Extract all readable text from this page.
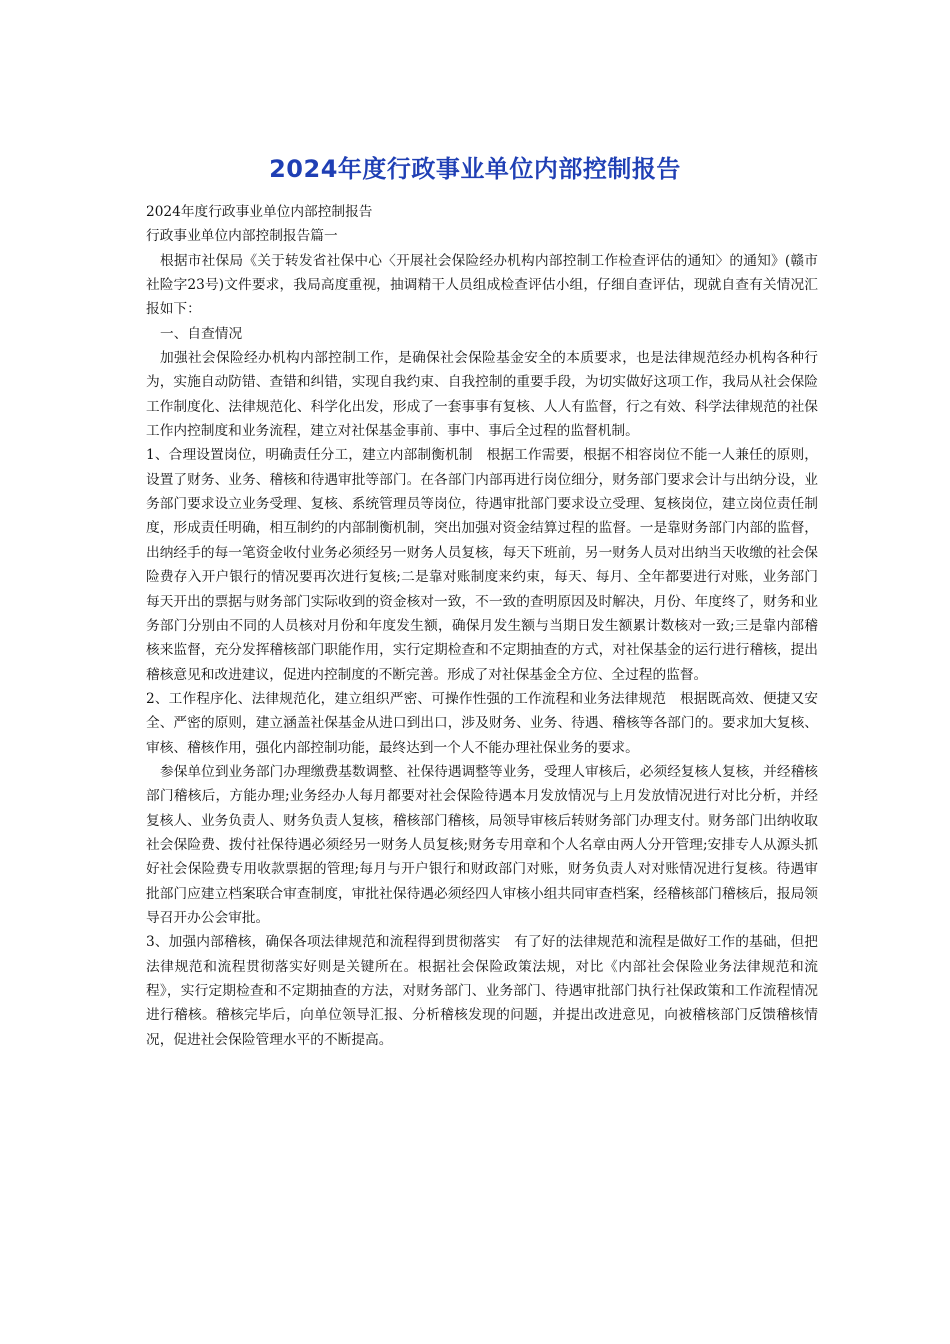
2024年度行政事业单位内部控制报告

2024年度行政事业单位内部控制报告

行政事业单位内部控制报告篇一

根据市社保局《关于转发省社保中心〈开展社会保险经办机构内部控制工作检查评估的通知〉的通知》(赣市社险字23号)文件要求，我局高度重视，抽调精干人员组成检查评估小组，仔细自查评估，现就自查有关情况汇报如下：

一、自查情况

加强社会保险经办机构内部控制工作，是确保社会保险基金安全的本质要求，也是法律规范经办机构各种行为，实施自动防错、查错和纠错，实现自我约束、自我控制的重要手段，为切实做好这项工作，我局从社会保险工作制度化、法律规范化、科学化出发，形成了一套事事有复核、人人有监督，行之有效、科学法律规范的社保工作内控制度和业务流程，建立对社保基金事前、事中、事后全过程的监督机制。

1、合理设置岗位，明确责任分工，建立内部制衡机制　根据工作需要，根据不相容岗位不能一人兼任的原则，设置了财务、业务、稽核和待遇审批等部门。在各部门内部再进行岗位细分，财务部门要求会计与出纳分设，业务部门要求设立业务受理、复核、系统管理员等岗位，待遇审批部门要求设立受理、复核岗位，建立岗位责任制度，形成责任明确，相互制约的内部制衡机制，突出加强对资金结算过程的监督。一是靠财务部门内部的监督，出纳经手的每一笔资金收付业务必须经另一财务人员复核，每天下班前，另一财务人员对出纳当天收缴的社会保险费存入开户银行的情况要再次进行复核;二是靠对账制度来约束，每天、每月、全年都要进行对账，业务部门每天开出的票据与财务部门实际收到的资金核对一致，不一致的查明原因及时解决，月份、年度终了，财务和业务部门分别由不同的人员核对月份和年度发生额，确保月发生额与当期日发生额累计数核对一致;三是靠内部稽核来监督，充分发挥稽核部门职能作用，实行定期检查和不定期抽查的方式，对社保基金的运行进行稽核，提出稽核意见和改进建议，促进内控制度的不断完善。形成了对社保基金全方位、全过程的监督。

2、工作程序化、法律规范化，建立组织严密、可操作性强的工作流程和业务法律规范　根据既高效、便捷又安全、严密的原则，建立涵盖社保基金从进口到出口，涉及财务、业务、待遇、稽核等各部门的。要求加大复核、审核、稽核作用，强化内部控制功能，最终达到一个人不能办理社保业务的要求。

参保单位到业务部门办理缴费基数调整、社保待遇调整等业务，受理人审核后，必须经复核人复核，并经稽核部门稽核后，方能办理;业务经办人每月都要对社会保险待遇本月发放情况与上月发放情况进行对比分析，并经复核人、业务负责人、财务负责人复核，稽核部门稽核，局领导审核后转财务部门办理支付。财务部门出纳收取社会保险费、拨付社保待遇必须经另一财务人员复核;财务专用章和个人名章由两人分开管理;安排专人从源头抓好社会保险费专用收款票据的管理;每月与开户银行和财政部门对账，财务负责人对对账情况进行复核。待遇审批部门应建立档案联合审查制度，审批社保待遇必须经四人审核小组共同审查档案，经稽核部门稽核后，报局领导召开办公会审批。

3、加强内部稽核，确保各项法律规范和流程得到贯彻落实　有了好的法律规范和流程是做好工作的基础，但把法律规范和流程贯彻落实好则是关键所在。根据社会保险政策法规，对比《内部社会保险业务法律规范和流程》，实行定期检查和不定期抽查的方法，对财务部门、业务部门、待遇审批部门执行社保政策和工作流程情况进行稽核。稽核完毕后，向单位领导汇报、分析稽核发现的问题，并提出改进意见，向被稽核部门反馈稽核情况，促进社会保险管理水平的不断提高。
